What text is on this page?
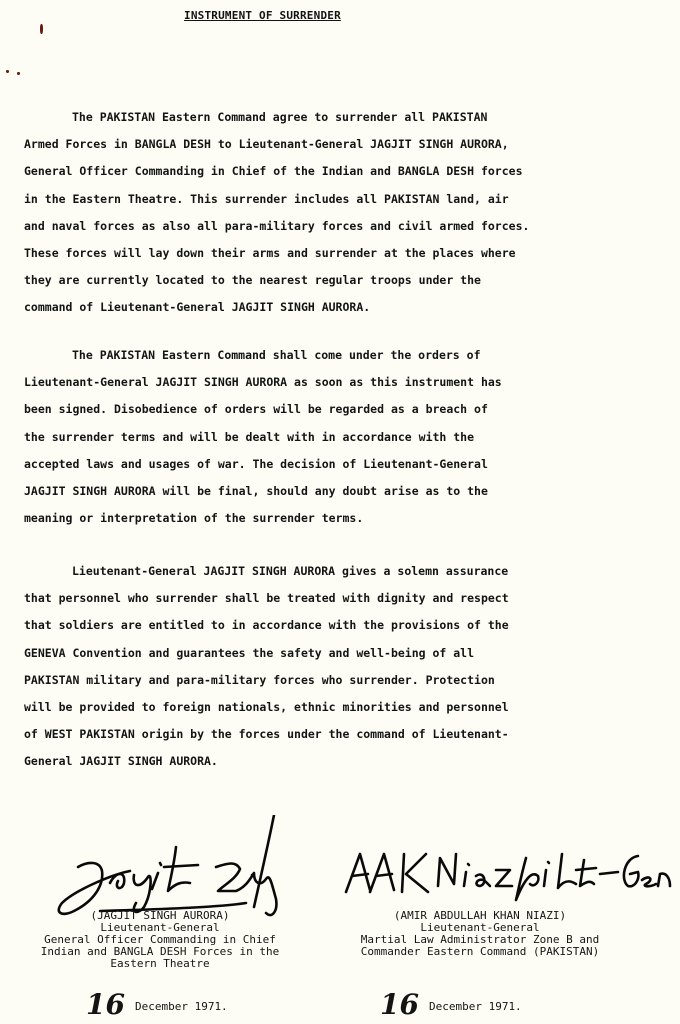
INSTRUMENT OF SURRENDER

The PAKISTAN Eastern Command agree to surrender all PAKISTAN
Armed Forces in BANGLA DESH to Lieutenant-General JAGJIT SINGH AURORA,
General Officer Commanding in Chief of the Indian and BANGLA DESH forces
in the Eastern Theatre. This surrender includes all PAKISTAN land, air
and naval forces as also all para-military forces and civil armed forces.
These forces will lay down their arms and surrender at the places where
they are currently located to the nearest regular troops under the
command of Lieutenant-General JAGJIT SINGH AURORA.

The PAKISTAN Eastern Command shall come under the orders of
Lieutenant-General JAGJIT SINGH AURORA as soon as this instrument has
been signed. Disobedience of orders will be regarded as a breach of
the surrender terms and will be dealt with in accordance with the
accepted laws and usages of war. The decision of Lieutenant-General
JAGJIT SINGH AURORA will be final, should any doubt arise as to the
meaning or interpretation of the surrender terms.

Lieutenant-General JAGJIT SINGH AURORA gives a solemn assurance
that personnel who surrender shall be treated with dignity and respect
that soldiers are entitled to in accordance with the provisions of the
GENEVA Convention and guarantees the safety and well-being of all
PAKISTAN military and para-military forces who surrender. Protection
will be provided to foreign nationals, ethnic minorities and personnel
of WEST PAKISTAN origin by the forces under the command of Lieutenant-
General JAGJIT SINGH AURORA.

(JAGJIT SINGH AURORA)
Lieutenant-General
General Officer Commanding in Chief
Indian and BANGLA DESH Forces in the
Eastern Theatre
(AMIR ABDULLAH KHAN NIAZI)
Lieutenant-General
Martial Law Administrator Zone B and
Commander Eastern Command (PAKISTAN)
16 December 1971.	16 December 1971.
